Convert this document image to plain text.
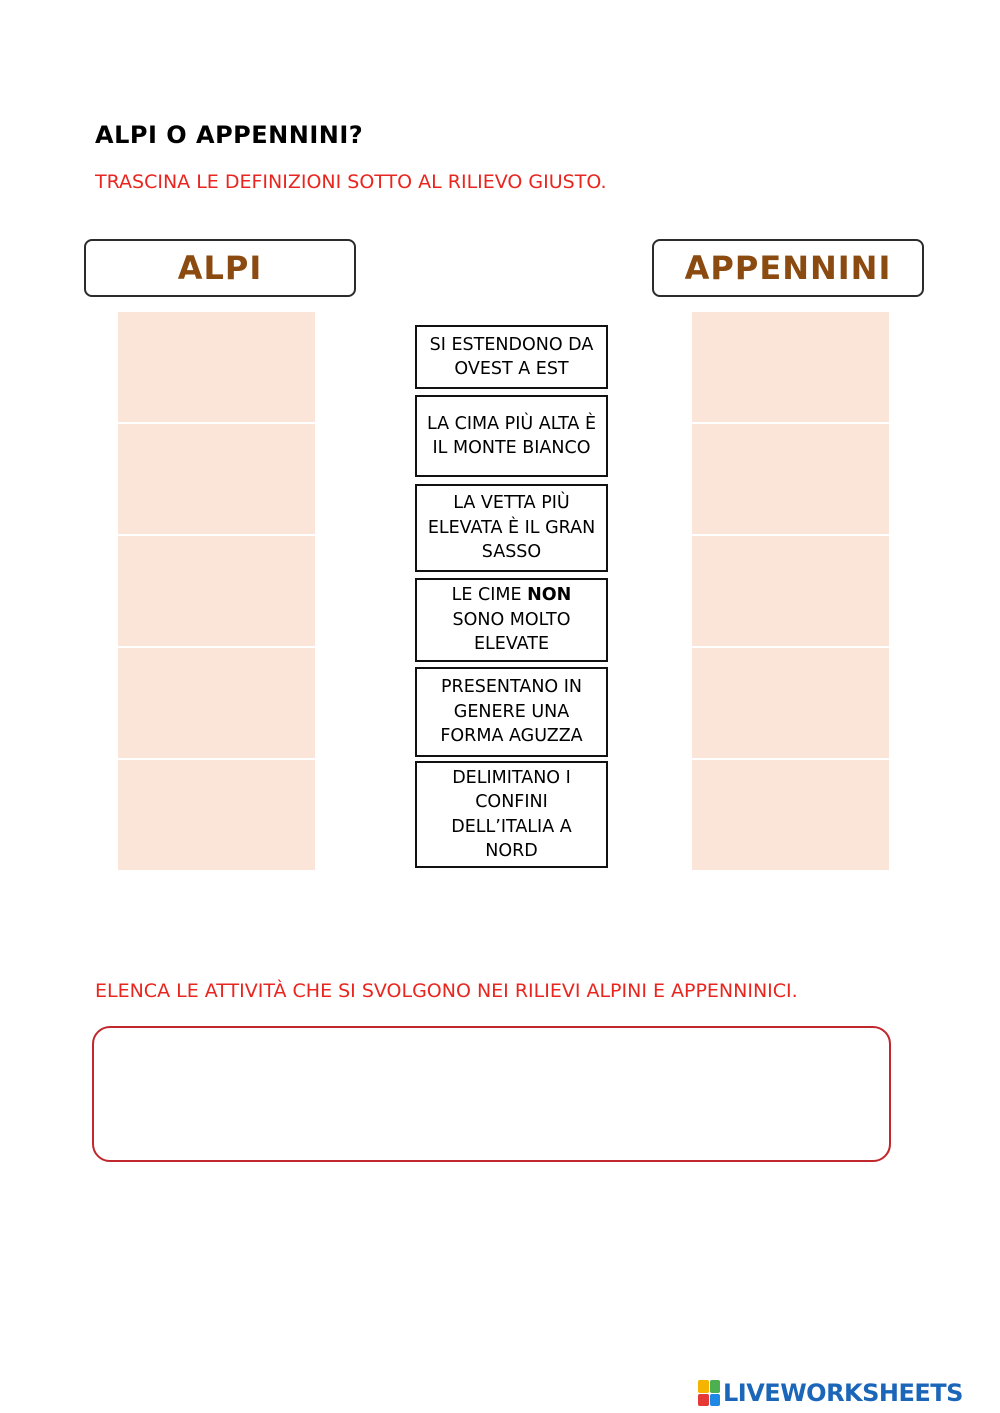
ALPI O APPENNINI?
TRASCINA LE DEFINIZIONI SOTTO AL RILIEVO GIUSTO.
ALPI	APPENNINI
SI ESTENDONO DA OVEST A EST
LA CIMA PIÙ ALTA È IL MONTE BIANCO
LA VETTA PIÙ ELEVATA È IL GRAN SASSO
LE CIME NON SONO MOLTO ELEVATE
PRESENTANO IN GENERE UNA FORMA AGUZZA
DELIMITANO I CONFINI DELL’ITALIA A NORD
ELENCA LE ATTIVITÀ CHE SI SVOLGONO NEI RILIEVI ALPINI E APPENNINICI.
LIVEWORKSHEETS
